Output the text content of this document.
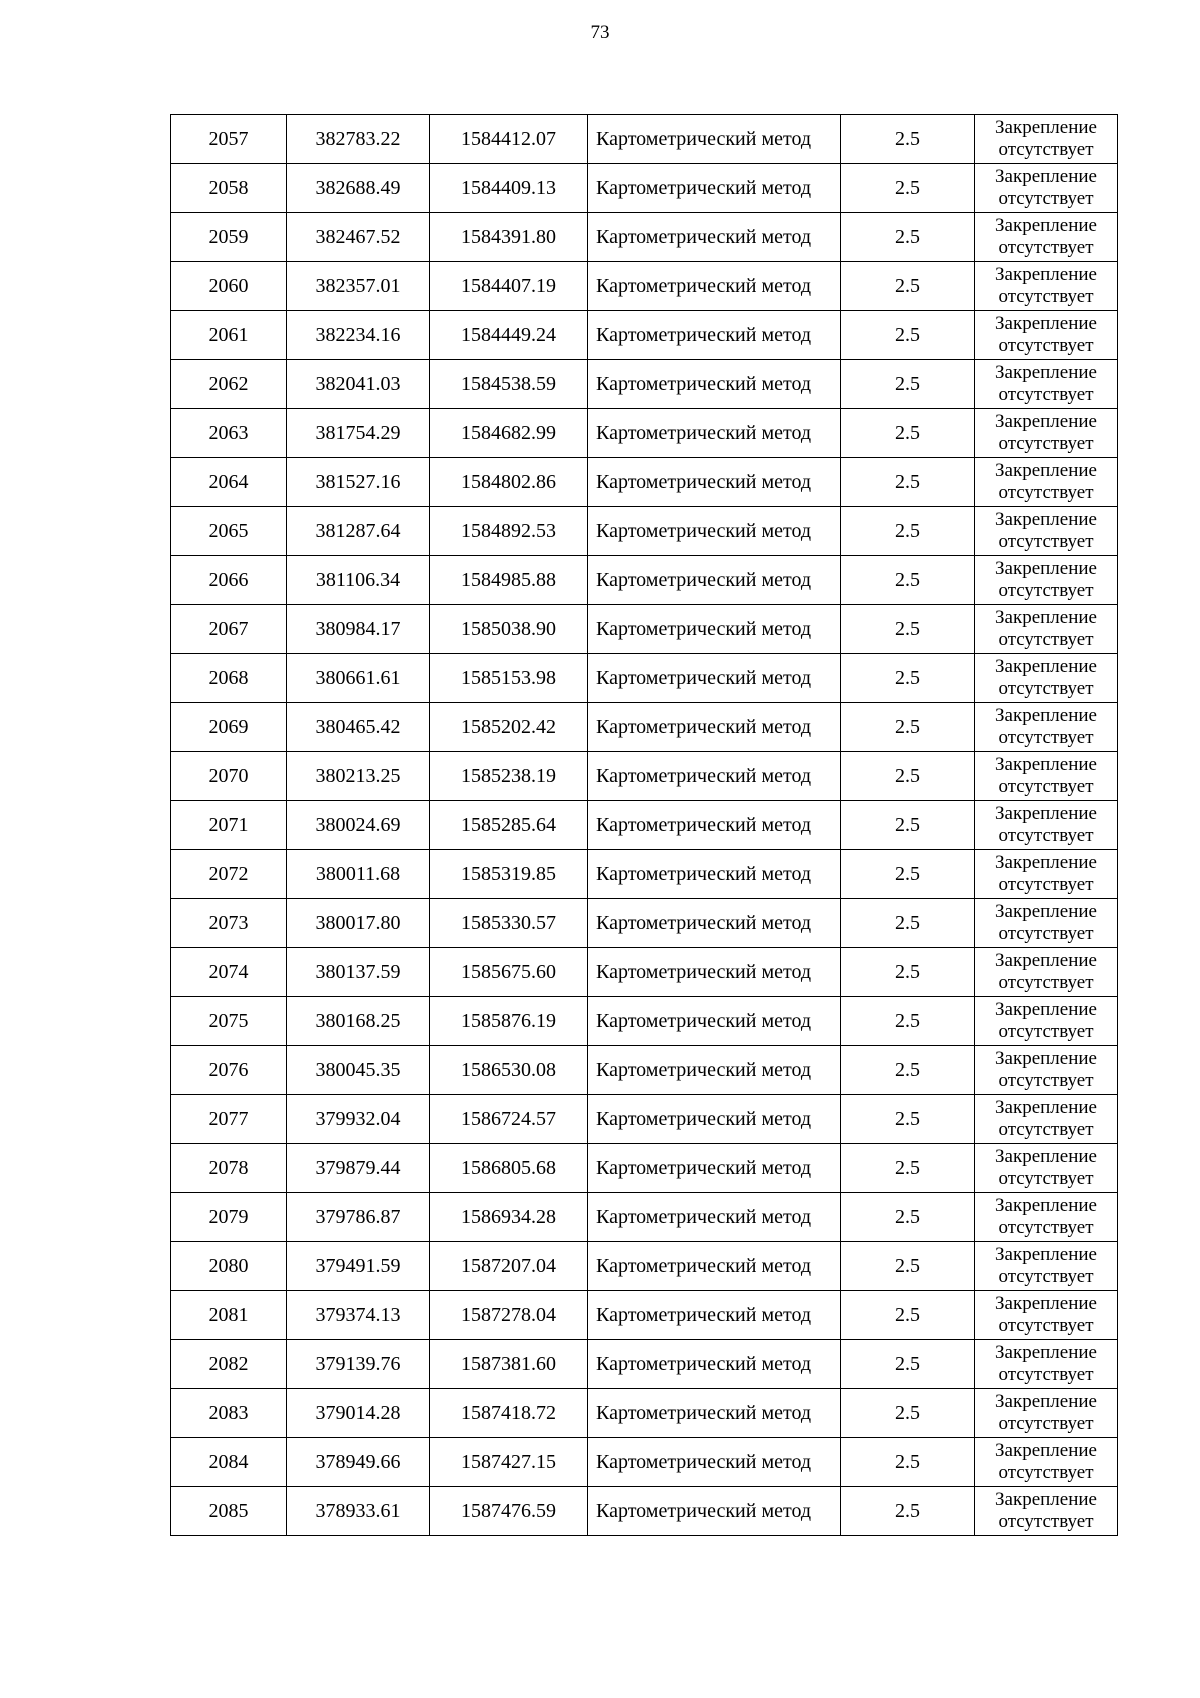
73
2057	382783.22	1584412.07	Картометрический метод	2.5	Закрепление
отсутствует

2058	382688.49	1584409.13	Картометрический метод	2.5	Закрепление
отсутствует

2059	382467.52	1584391.80	Картометрический метод	2.5	Закрепление
отсутствует

2060	382357.01	1584407.19	Картометрический метод	2.5	Закрепление
отсутствует

2061	382234.16	1584449.24	Картометрический метод	2.5	Закрепление
отсутствует

2062	382041.03	1584538.59	Картометрический метод	2.5	Закрепление
отсутствует

2063	381754.29	1584682.99	Картометрический метод	2.5	Закрепление
отсутствует

2064	381527.16	1584802.86	Картометрический метод	2.5	Закрепление
отсутствует

2065	381287.64	1584892.53	Картометрический метод	2.5	Закрепление
отсутствует

2066	381106.34	1584985.88	Картометрический метод	2.5	Закрепление
отсутствует

2067	380984.17	1585038.90	Картометрический метод	2.5	Закрепление
отсутствует

2068	380661.61	1585153.98	Картометрический метод	2.5	Закрепление
отсутствует

2069	380465.42	1585202.42	Картометрический метод	2.5	Закрепление
отсутствует

2070	380213.25	1585238.19	Картометрический метод	2.5	Закрепление
отсутствует

2071	380024.69	1585285.64	Картометрический метод	2.5	Закрепление
отсутствует

2072	380011.68	1585319.85	Картометрический метод	2.5	Закрепление
отсутствует

2073	380017.80	1585330.57	Картометрический метод	2.5	Закрепление
отсутствует

2074	380137.59	1585675.60	Картометрический метод	2.5	Закрепление
отсутствует

2075	380168.25	1585876.19	Картометрический метод	2.5	Закрепление
отсутствует

2076	380045.35	1586530.08	Картометрический метод	2.5	Закрепление
отсутствует

2077	379932.04	1586724.57	Картометрический метод	2.5	Закрепление
отсутствует

2078	379879.44	1586805.68	Картометрический метод	2.5	Закрепление
отсутствует

2079	379786.87	1586934.28	Картометрический метод	2.5	Закрепление
отсутствует

2080	379491.59	1587207.04	Картометрический метод	2.5	Закрепление
отсутствует

2081	379374.13	1587278.04	Картометрический метод	2.5	Закрепление
отсутствует

2082	379139.76	1587381.60	Картометрический метод	2.5	Закрепление
отсутствует

2083	379014.28	1587418.72	Картометрический метод	2.5	Закрепление
отсутствует

2084	378949.66	1587427.15	Картометрический метод	2.5	Закрепление
отсутствует

2085	378933.61	1587476.59	Картометрический метод	2.5	Закрепление
отсутствует
